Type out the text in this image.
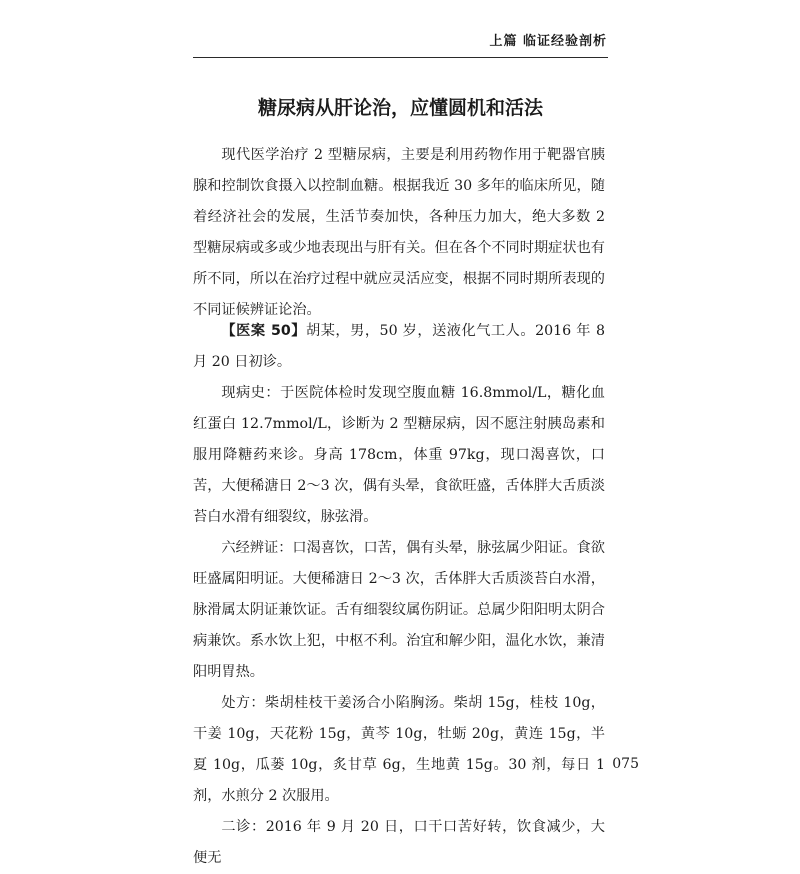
上篇 临证经验剖析
糖尿病从肝论治，应懂圆机和活法

现代医学治疗 2 型糖尿病，主要是利用药物作用于靶器官胰腺和控制饮食摄入以控制血糖。根据我近 30 多年的临床所见，随着经济社会的发展，生活节奏加快，各种压力加大，绝大多数 2 型糖尿病或多或少地表现出与肝有关。但在各个不同时期症状也有所不同，所以在治疗过程中就应灵活应变，根据不同时期所表现的不同证候辨证论治。

【医案 50】胡某，男，50 岁，送液化气工人。2016 年 8 月 20 日初诊。

现病史：于医院体检时发现空腹血糖 16.8mmol/L，糖化血红蛋白 12.7mmol/L，诊断为 2 型糖尿病，因不愿注射胰岛素和服用降糖药来诊。身高 178cm，体重 97kg，现口渴喜饮，口苦，大便稀溏日 2～3 次，偶有头晕，食欲旺盛，舌体胖大舌质淡苔白水滑有细裂纹，脉弦滑。

六经辨证：口渴喜饮，口苦，偶有头晕，脉弦属少阳证。食欲旺盛属阳明证。大便稀溏日 2～3 次，舌体胖大舌质淡苔白水滑，脉滑属太阴证兼饮证。舌有细裂纹属伤阴证。总属少阳阳明太阴合病兼饮。系水饮上犯，中枢不利。治宜和解少阳，温化水饮，兼清阳明胃热。

处方：柴胡桂枝干姜汤合小陷胸汤。柴胡 15g，桂枝 10g，干姜 10g，天花粉 15g，黄芩 10g，牡蛎 20g，黄连 15g，半夏 10g，瓜蒌 10g，炙甘草 6g，生地黄 15g。30 剂，每日 1 剂，水煎分 2 次服用。

二诊：2016 年 9 月 20 日，口干口苦好转，饮食减少，大便无

075
